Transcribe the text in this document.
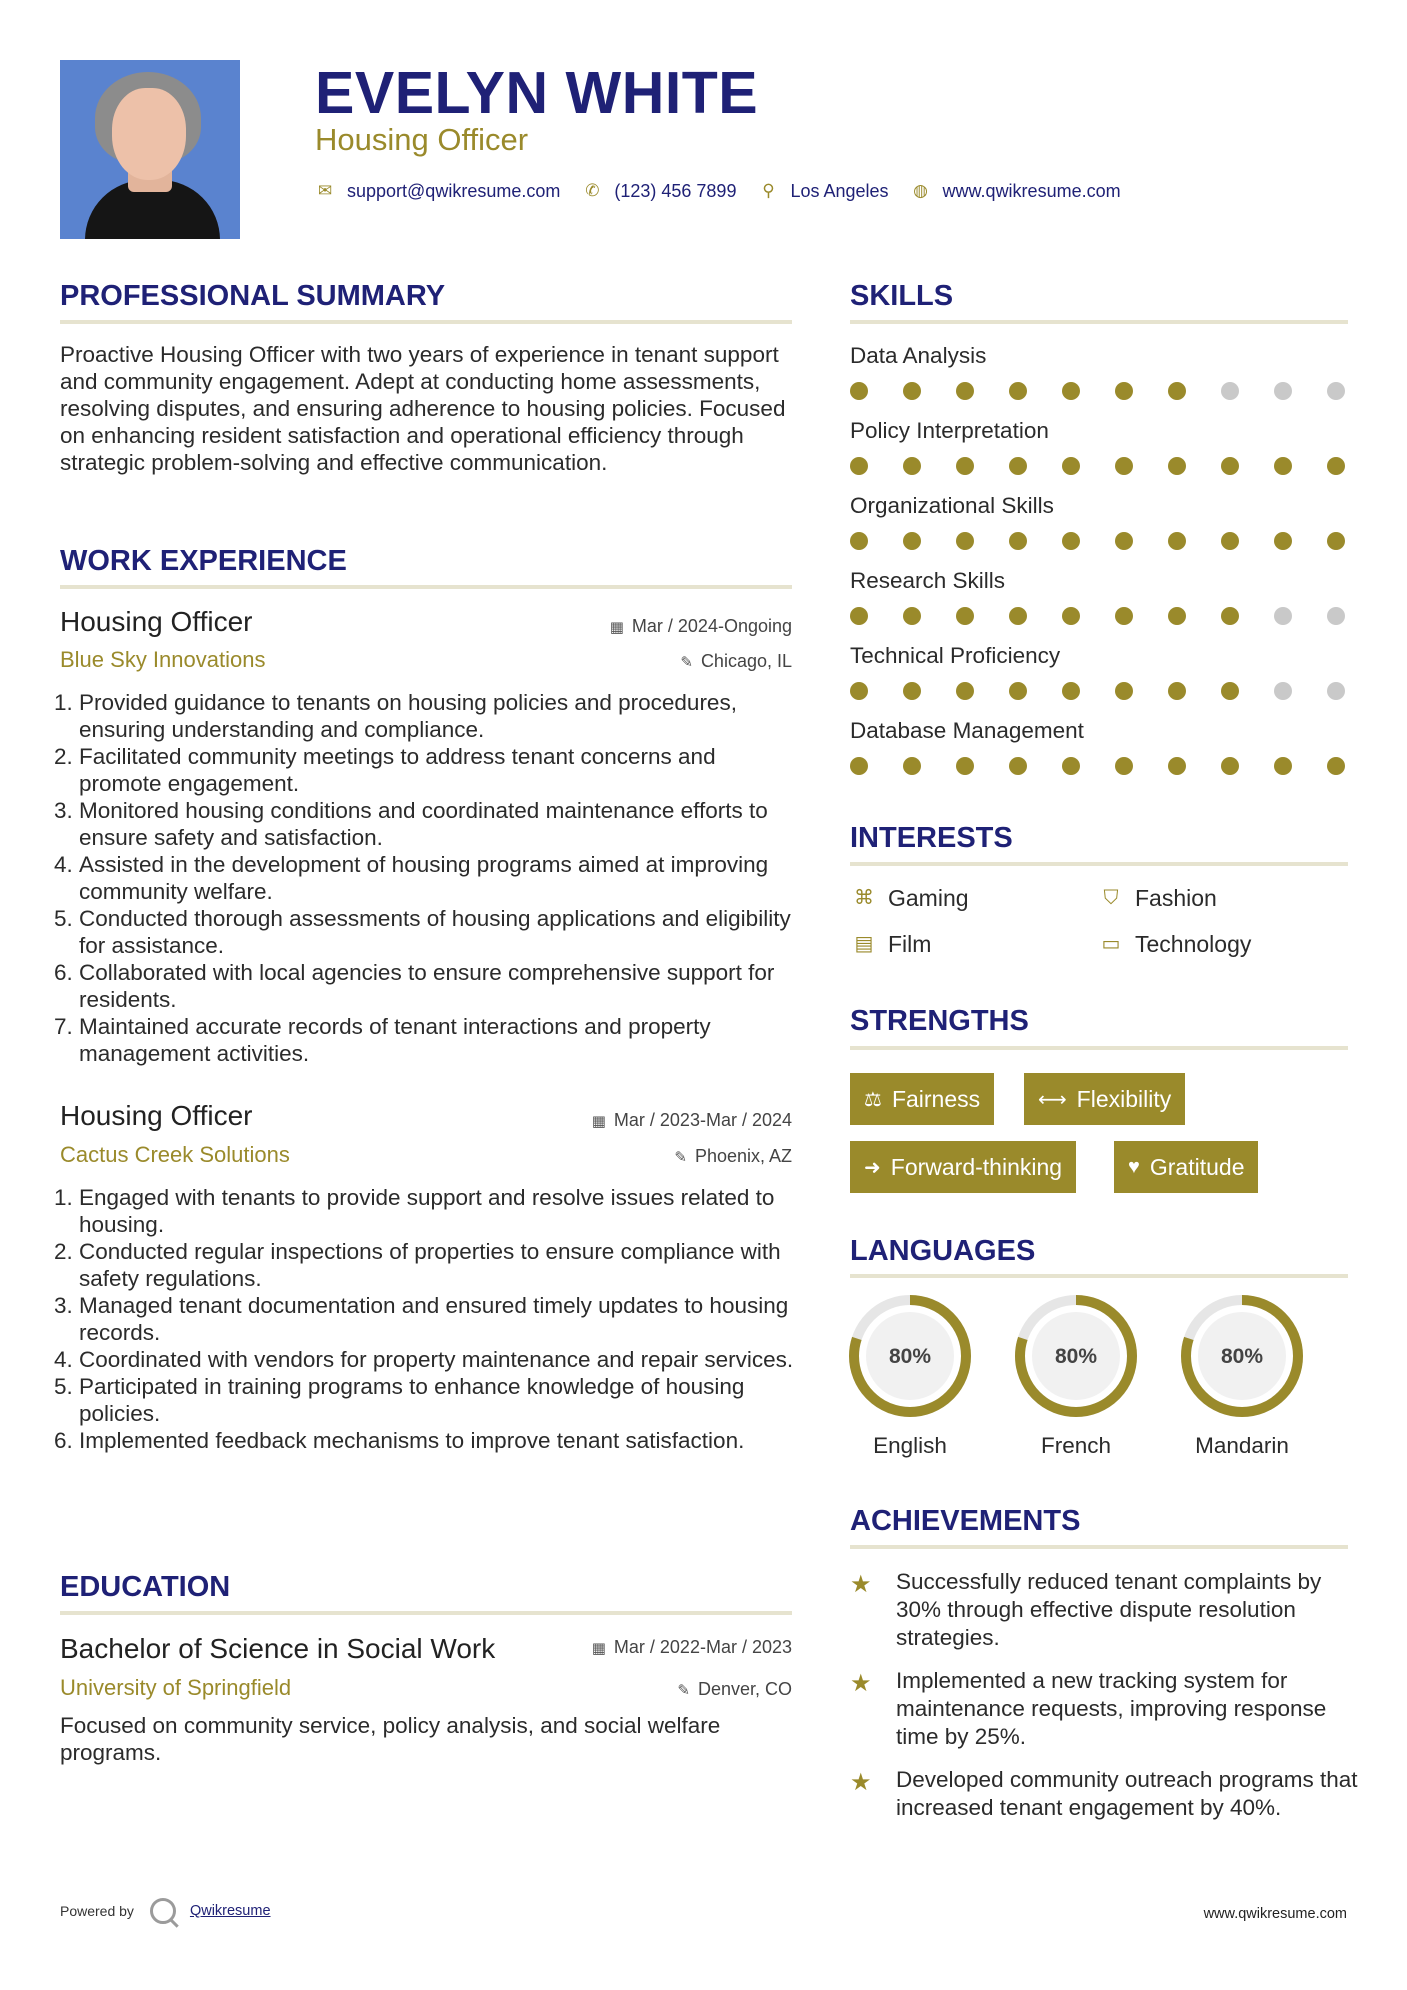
EVELYN WHITE
Housing Officer
✉ support@qwikresume.com ✆ (123) 456 7899 ⚲ Los Angeles ◍ www.qwikresume.com
PROFESSIONAL SUMMARY
Proactive Housing Officer with two years of experience in tenant support and community engagement. Adept at conducting home assessments, resolving disputes, and ensuring adherence to housing policies. Focused on enhancing resident satisfaction and operational efficiency through strategic problem-solving and effective communication.
WORK EXPERIENCE
Housing Officer	▦ Mar / 2024-Ongoing
Blue Sky Innovations	✎ Chicago, IL
1. Provided guidance to tenants on housing policies and procedures, ensuring understanding and compliance.
2. Facilitated community meetings to address tenant concerns and promote engagement.
3. Monitored housing conditions and coordinated maintenance efforts to ensure safety and satisfaction.
4. Assisted in the development of housing programs aimed at improving community welfare.
5. Conducted thorough assessments of housing applications and eligibility for assistance.
6. Collaborated with local agencies to ensure comprehensive support for residents.
7. Maintained accurate records of tenant interactions and property management activities.
Housing Officer	▦ Mar / 2023-Mar / 2024
Cactus Creek Solutions	✎ Phoenix, AZ
1. Engaged with tenants to provide support and resolve issues related to housing.
2. Conducted regular inspections of properties to ensure compliance with safety regulations.
3. Managed tenant documentation and ensured timely updates to housing records.
4. Coordinated with vendors for property maintenance and repair services.
5. Participated in training programs to enhance knowledge of housing policies.
6. Implemented feedback mechanisms to improve tenant satisfaction.
EDUCATION
Bachelor of Science in Social Work	▦ Mar / 2022-Mar / 2023
University of Springfield	✎ Denver, CO
Focused on community service, policy analysis, and social welfare programs.
SKILLS
Data Analysis
Policy Interpretation
Organizational Skills
Research Skills
Technical Proficiency
Database Management
INTERESTS
⌘ Gaming	⛉ Fashion
▤ Film	▭ Technology
STRENGTHS
⚖ Fairness	⟷ Flexibility
➜ Forward-thinking	♥ Gratitude
LANGUAGES
80%
English
80%
French
80%
Mandarin
ACHIEVEMENTS
★ Successfully reduced tenant complaints by 30% through effective dispute resolution strategies.
★ Implemented a new tracking system for maintenance requests, improving response time by 25%.
★ Developed community outreach programs that increased tenant engagement by 40%.
Powered by	Qwikresume	www.qwikresume.com
